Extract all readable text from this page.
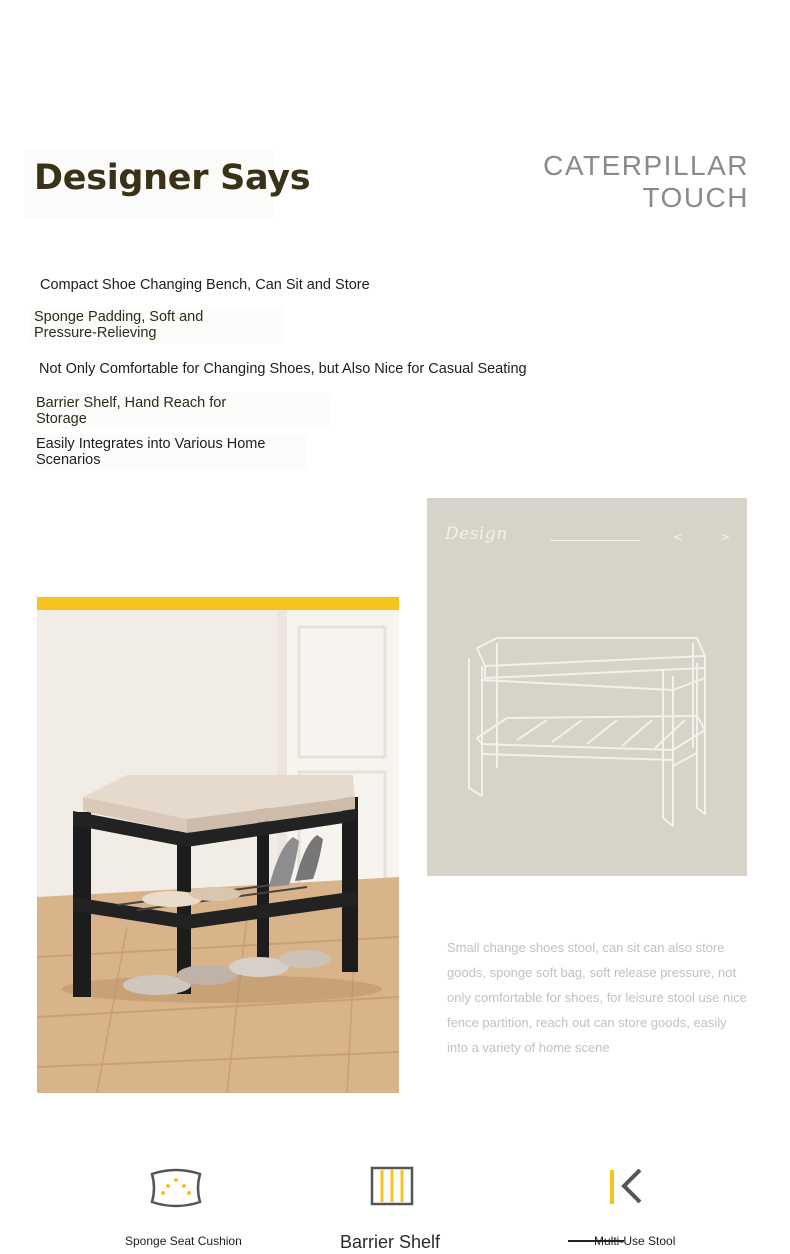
Designer Says	CATERPILLAR
TOUCH

Compact Shoe Changing Bench, Can Sit and Store

Sponge Padding, Soft and

Pressure-Relieving

Not Only Comfortable for Changing Shoes, but Also Nice for Casual Seating

Barrier Shelf, Hand Reach for

Storage

Easily Integrates into Various Home

Scenarios

Design	<	>

Small change shoes stool, can sit can also store goods, sponge soft bag, soft release pressure, not only comfortable for shoes, for leisure stool use nice fence partition, reach out can store goods, easily into a variety of home scene

Sponge Seat Cushion	Barrier Shelf	Multi-Use Stool
